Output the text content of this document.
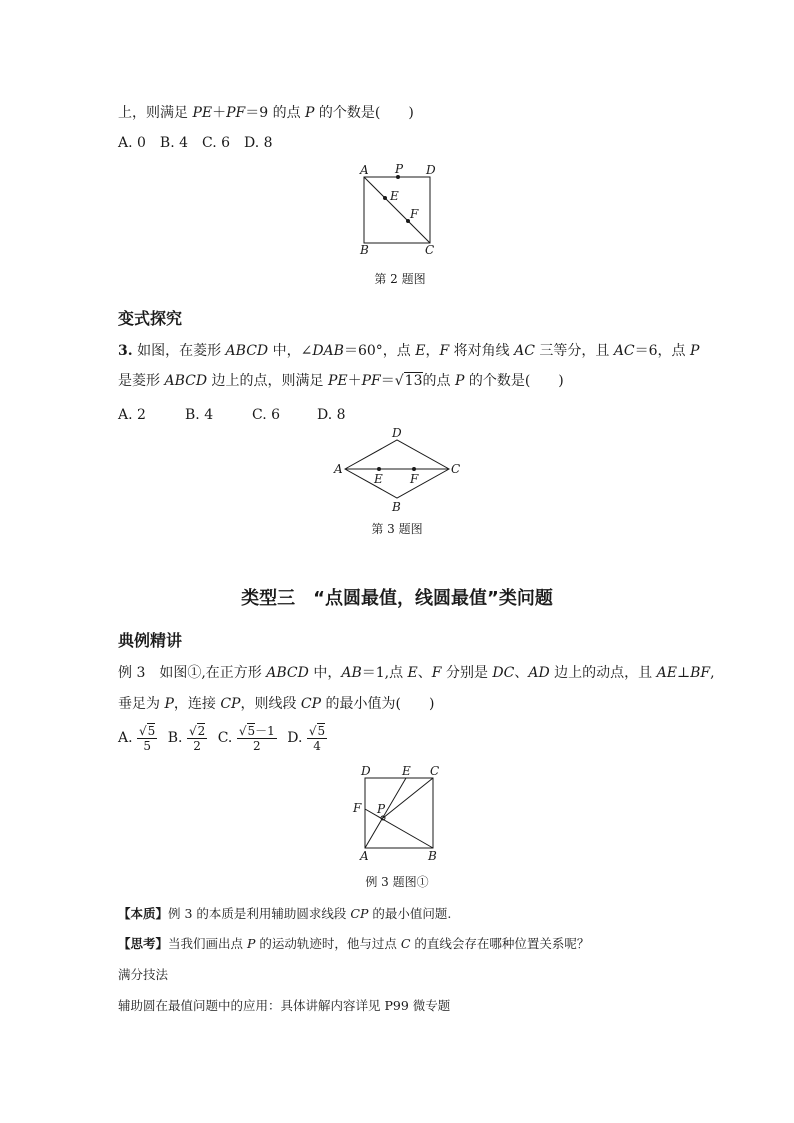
上，则满足 PE＋PF＝9 的点 P 的个数是(　　)
A. 0　B. 4　C. 6　D. 8
A P D
E
F
B	C
第 2 题图
变式探究
3. 如图，在菱形 ABCD 中，∠DAB＝60°，点 E，F 将对角线 AC 三等分，且 AC＝6，点 P
是菱形 ABCD 边上的点，则满足 PE＋PF＝√13的点 P 的个数是(　　)
A. 2	B. 4	C. 6	D. 8
D
A
E F
C
B
第 3 题图
类型三　“点圆最值，线圆最值”类问题
典例精讲
例 3　如图①,在正方形 ABCD 中，AB＝1,点 E、F 分别是 DC、AD 边上的动点，且 AE⊥BF,
垂足为 P，连接 CP，则线段 CP 的最小值为(　　)
A. $\frac{√5}{5} B$. $\frac{√2}{2} C$. $\frac{√5-1}{2} D$. $\frac{√5}{4}$
D	E C
F P
A	B
例 3 题图①
【本质】例 3 的本质是利用辅助圆求线段 CP 的最小值问题.
【思考】当我们画出点 P 的运动轨迹时，他与过点 C 的直线会存在哪种位置关系呢？
满分技法
辅助圆在最值问题中的应用：具体讲解内容详见 P99 微专题
